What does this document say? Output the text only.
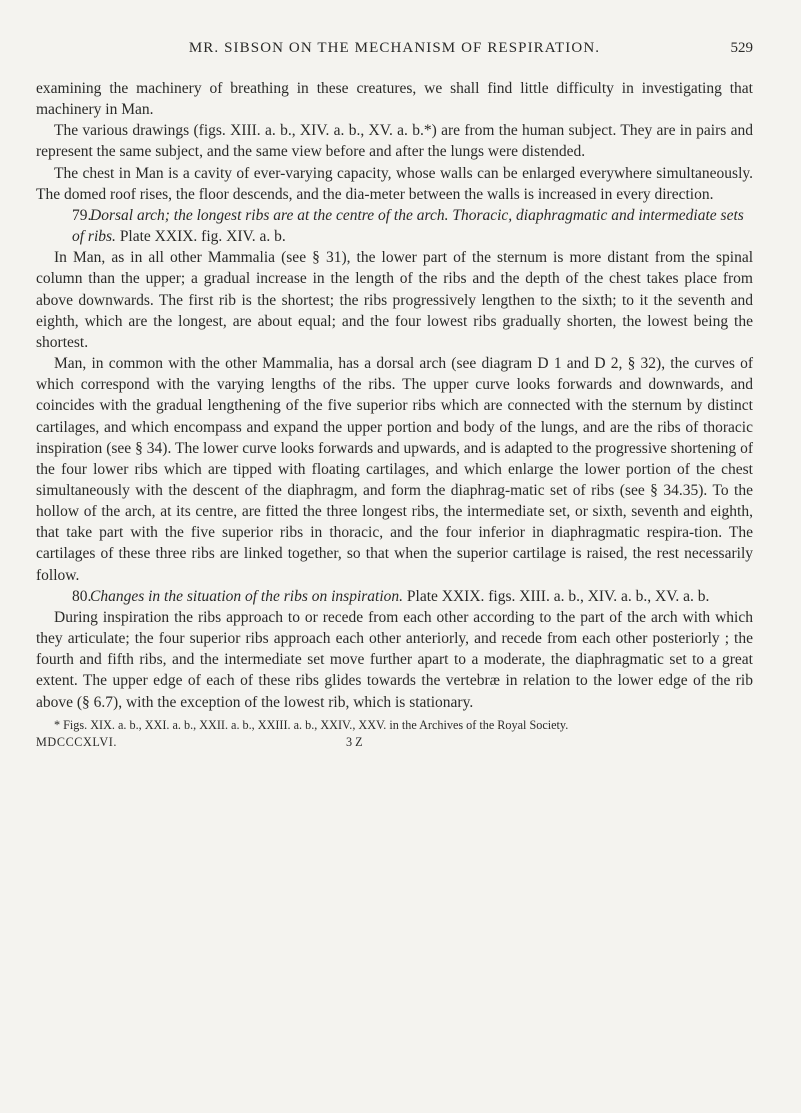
MR. SIBSON ON THE MECHANISM OF RESPIRATION.	529

examining the machinery of breathing in these creatures, we shall find little difficulty in investigating that machinery in Man.

The various drawings (figs. XIII. a. b., XIV. a. b., XV. a. b.*) are from the human subject. They are in pairs and represent the same subject, and the same view before and after the lungs were distended.

The chest in Man is a cavity of ever-varying capacity, whose walls can be enlarged everywhere simultaneously. The domed roof rises, the floor descends, and the dia-meter between the walls is increased in every direction.

79.Dorsal arch; the longest ribs are at the centre of the arch. Thoracic, diaphragmatic and intermediate sets of ribs. Plate XXIX. fig. XIV. a. b.

In Man, as in all other Mammalia (see § 31), the lower part of the sternum is more distant from the spinal column than the upper; a gradual increase in the length of the ribs and the depth of the chest takes place from above downwards. The first rib is the shortest; the ribs progressively lengthen to the sixth; to it the seventh and eighth, which are the longest, are about equal; and the four lowest ribs gradually shorten, the lowest being the shortest.

Man, in common with the other Mammalia, has a dorsal arch (see diagram D 1 and D 2, § 32), the curves of which correspond with the varying lengths of the ribs. The upper curve looks forwards and downwards, and coincides with the gradual lengthening of the five superior ribs which are connected with the sternum by distinct cartilages, and which encompass and expand the upper portion and body of the lungs, and are the ribs of thoracic inspiration (see § 34). The lower curve looks forwards and upwards, and is adapted to the progressive shortening of the four lower ribs which are tipped with floating cartilages, and which enlarge the lower portion of the chest simultaneously with the descent of the diaphragm, and form the diaphrag-matic set of ribs (see § 34.35). To the hollow of the arch, at its centre, are fitted the three longest ribs, the intermediate set, or sixth, seventh and eighth, that take part with the five superior ribs in thoracic, and the four inferior in diaphragmatic respira-tion. The cartilages of these three ribs are linked together, so that when the superior cartilage is raised, the rest necessarily follow.

80.Changes in the situation of the ribs on inspiration. Plate XXIX. figs. XIII. a. b., XIV. a. b., XV. a. b.

During inspiration the ribs approach to or recede from each other according to the part of the arch with which they articulate; the four superior ribs approach each other anteriorly, and recede from each other posteriorly ; the fourth and fifth ribs, and the intermediate set move further apart to a moderate, the diaphragmatic set to a great extent. The upper edge of each of these ribs glides towards the vertebræ in relation to the lower edge of the rib above (§ 6.7), with the exception of the lowest rib, which is stationary.

* Figs. XIX. a. b., XXI. a. b., XXII. a. b., XXIII. a. b., XXIV., XXV. in the Archives of the Royal Society.
MDCCCXLVI.	3 Z
